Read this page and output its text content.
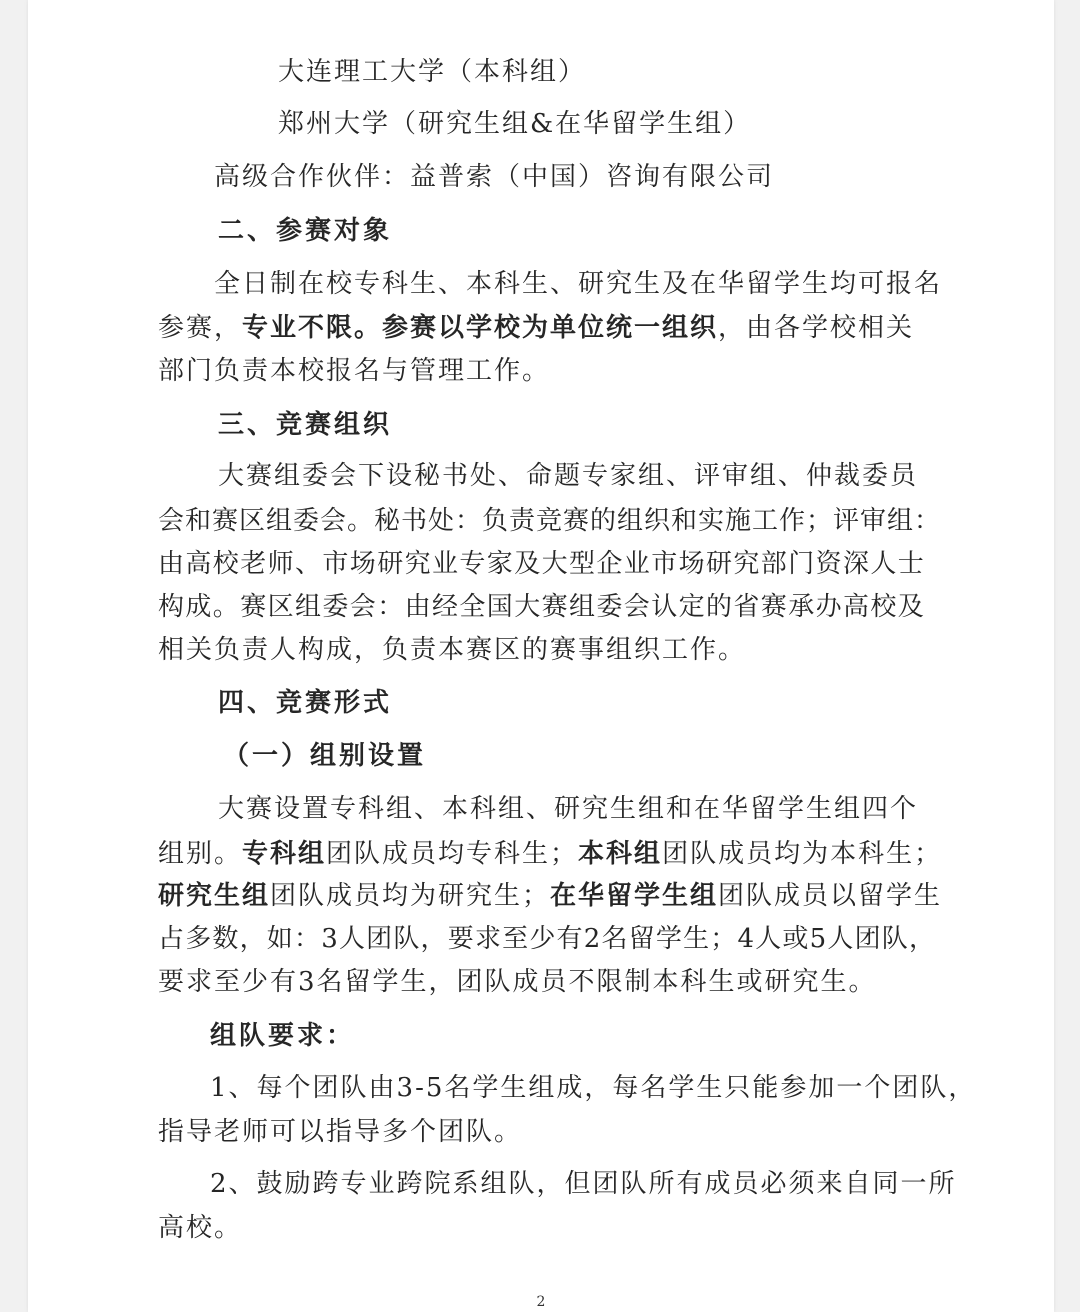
大连理工大学（本科组）
郑州大学（研究生组&在华留学生组）
高级合作伙伴：益普索（中国）咨询有限公司
二、参赛对象
全日制在校专科生、本科生、研究生及在华留学生均可报名
参赛，专业不限。参赛以学校为单位统一组织，由各学校相关
部门负责本校报名与管理工作。
三、竞赛组织
大赛组委会下设秘书处、命题专家组、评审组、仲裁委员
会和赛区组委会。秘书处：负责竞赛的组织和实施工作；评审组：
由高校老师、市场研究业专家及大型企业市场研究部门资深人士
构成。赛区组委会：由经全国大赛组委会认定的省赛承办高校及
相关负责人构成，负责本赛区的赛事组织工作。
四、竞赛形式
（一）组别设置
大赛设置专科组、本科组、研究生组和在华留学生组四个
组别。专科组团队成员均专科生；本科组团队成员均为本科生；
研究生组团队成员均为研究生；在华留学生组团队成员以留学生
占多数，如：3人团队，要求至少有2名留学生；4人或5人团队，
要求至少有3名留学生，团队成员不限制本科生或研究生。
组队要求：
1、每个团队由3-5名学生组成，每名学生只能参加一个团队，
指导老师可以指导多个团队。
2、鼓励跨专业跨院系组队，但团队所有成员必须来自同一所
高校。
2
